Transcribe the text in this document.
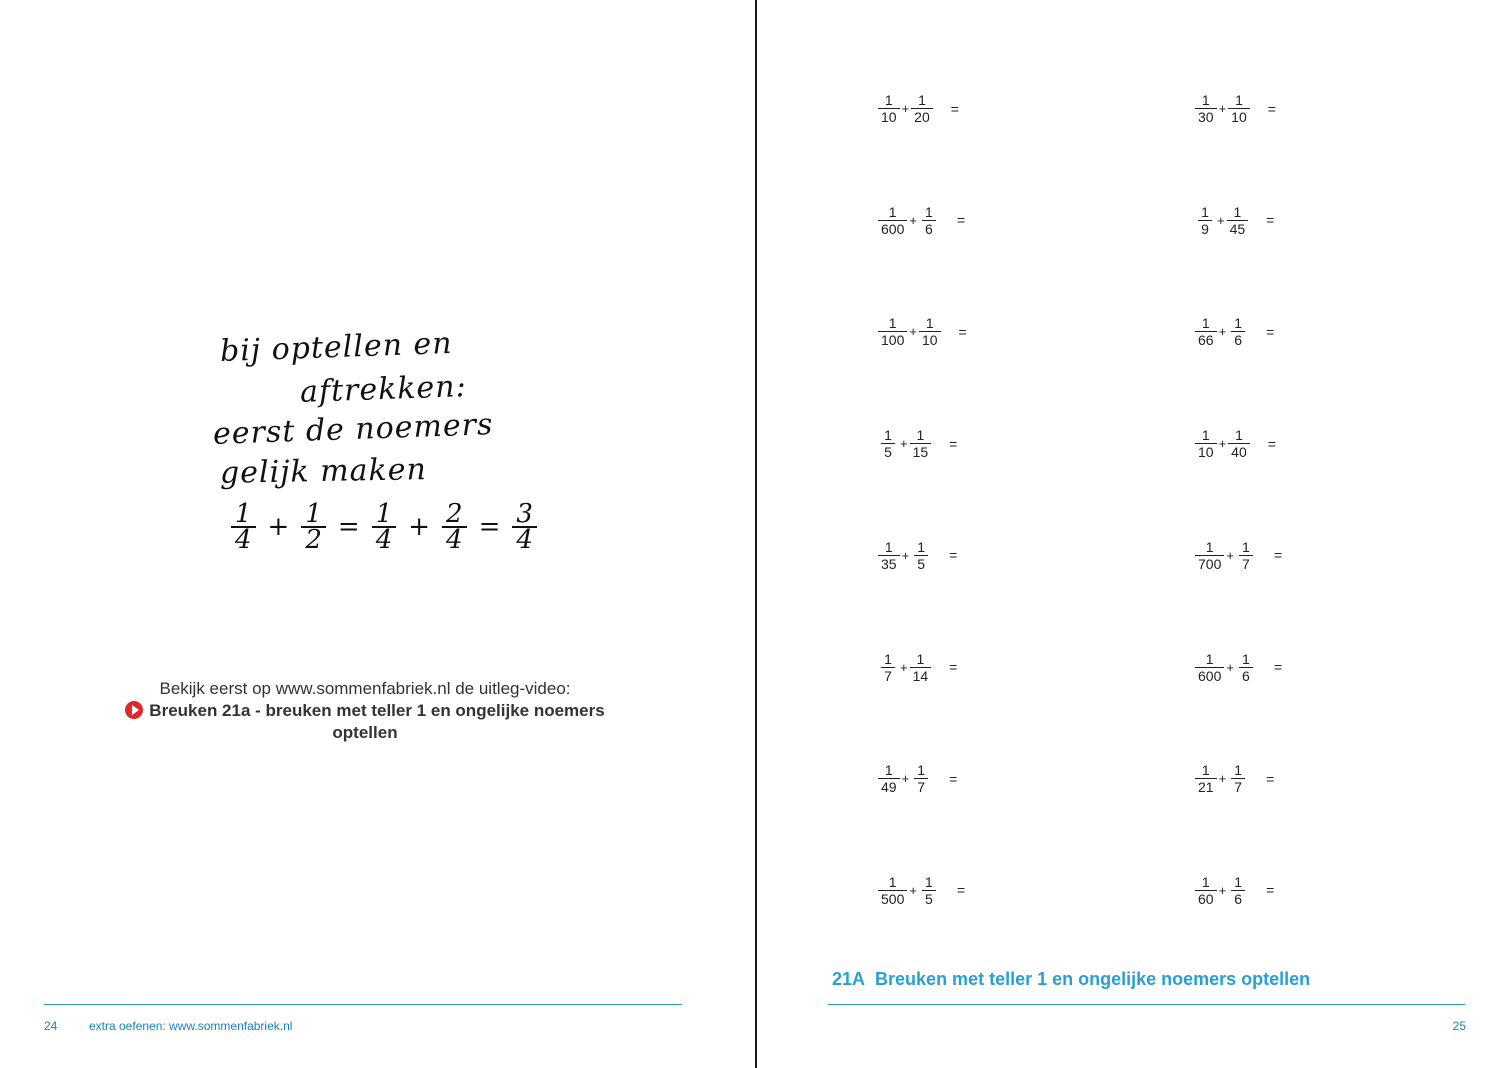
bij optellen en
aftrekken:
eerst de noemers
gelijk maken
$\frac{1}{4} + \frac{1}{2} = \frac{1}{4} + \frac{2}{4} = \frac{3}{4}$
Bekijk eerst op www.sommenfabriek.nl de uitleg-video:
Breuken 21a - breuken met teller 1 en ongelijke noemers optellen
24	extra oefenen: www.sommenfabriek.nl
$\frac{1}{10} + \frac{1}{20}$ =	$\frac{1}{30} + \frac{1}{10}$ =
$\frac{1}{600} + \frac{1}{6}$ =	$\frac{1}{9} + \frac{1}{45}$ =
$\frac{1}{100} + \frac{1}{10}$ =	$\frac{1}{66} + \frac{1}{6}$ =
$\frac{1}{5} + \frac{1}{15}$ =	$\frac{1}{10} + \frac{1}{40}$ =
$\frac{1}{35} + \frac{1}{5}$ =	$\frac{1}{700} + \frac{1}{7}$ =
$\frac{1}{7} + \frac{1}{14}$ =	$\frac{1}{600} + \frac{1}{6}$ =
$\frac{1}{49} + \frac{1}{7}$ =	$\frac{1}{21} + \frac{1}{7}$ =
$\frac{1}{500} + \frac{1}{5}$ =	$\frac{1}{60} + \frac{1}{6}$ =
21A Breuken met teller 1 en ongelijke noemers optellen
25
